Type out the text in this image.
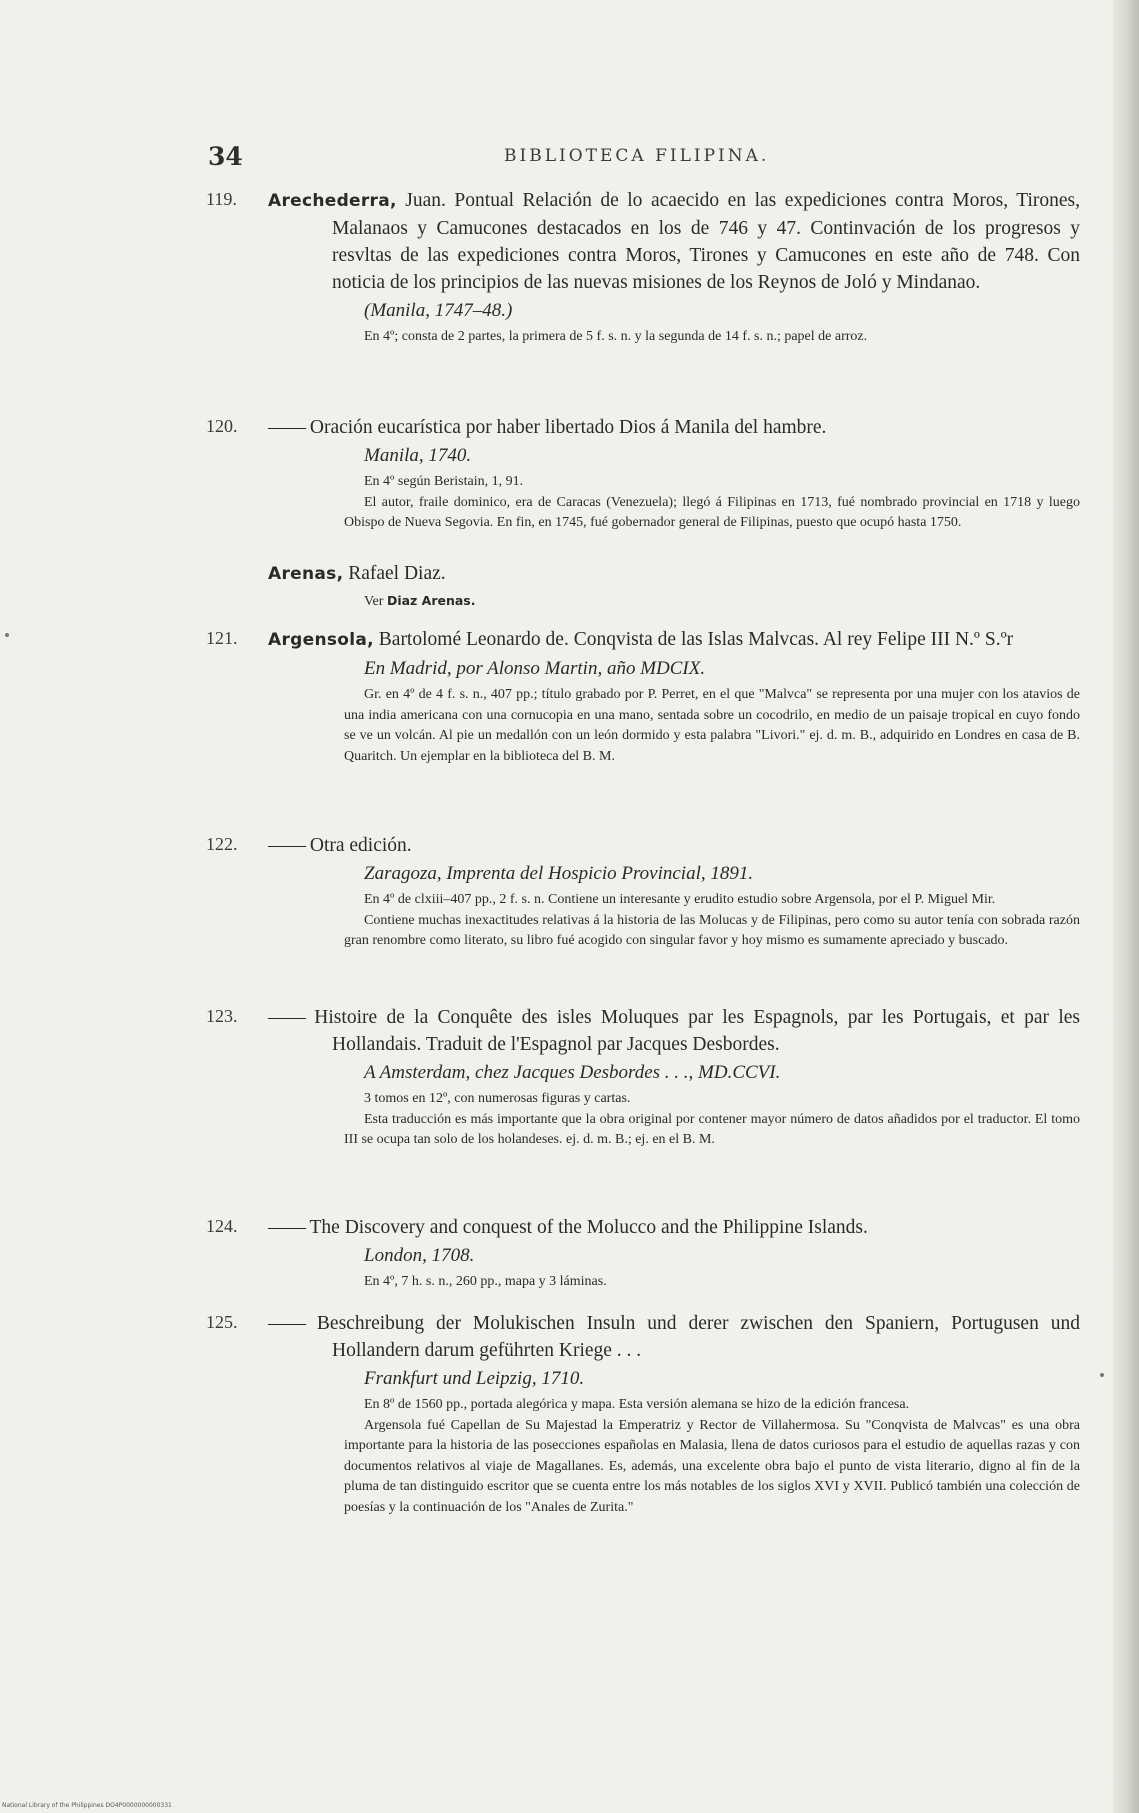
34	BIBLIOTECA FILIPINA.
119.	Arechederra, Juan. Pontual Relación de lo acaecido en las expediciones contra Moros, Tirones, Malanaos y Camucones destacados en los de 746 y 47. Continvación de los progresos y resvltas de las expediciones contra Moros, Tirones y Camucones en este año de 748. Con noticia de los principios de las nuevas misiones de los Reynos de Joló y Mindanao.

(Manila, 1747–48.)
En 4º; consta de 2 partes, la primera de 5 f. s. n. y la segunda de 14 f. s. n.; papel de arroz.
120.	—— Oración eucarística por haber libertado Dios á Manila del hambre.

Manila, 1740.
En 4º según Beristain, 1, 91.
El autor, fraile dominico, era de Caracas (Venezuela); llegó á Filipinas en 1713, fué nombrado provincial en 1718 y luego Obispo de Nueva Segovia. En fin, en 1745, fué gobernador general de Filipinas, puesto que ocupó hasta 1750.

Arenas, Rafael Diaz.

Ver Diaz Arenas.
121.	Argensola, Bartolomé Leonardo de. Conqvista de las Islas Malvcas. Al rey Felipe III N.º S.ºr

En Madrid, por Alonso Martin, año MDCIX.
Gr. en 4º de 4 f. s. n., 407 pp.; título grabado por P. Perret, en el que "Malvca" se representa por una mujer con los atavios de una india americana con una cornucopia en una mano, sentada sobre un cocodrilo, en medio de un paisaje tropical en cuyo fondo se ve un volcán. Al pie un medallón con un león dormido y esta palabra "Livori." ej. d. m. B., adquirido en Londres en casa de B. Quaritch. Un ejemplar en la biblioteca del B. M.
122.	—— Otra edición.

Zaragoza, Imprenta del Hospicio Provincial, 1891.
En 4º de clxiii–407 pp., 2 f. s. n. Contiene un interesante y erudito estudio sobre Argensola, por el P. Miguel Mir.
Contiene muchas inexactitudes relativas á la historia de las Molucas y de Filipinas, pero como su autor tenía con sobrada razón gran renombre como literato, su libro fué acogido con singular favor y hoy mismo es sumamente apreciado y buscado.
123.	—— Histoire de la Conquête des isles Moluques par les Espagnols, par les Portugais, et par les Hollandais. Traduit de l'Espagnol par Jacques Desbordes.

A Amsterdam, chez Jacques Desbordes . . ., MD.CCVI.
3 tomos en 12º, con numerosas figuras y cartas.
Esta traducción es más importante que la obra original por contener mayor número de datos añadidos por el traductor. El tomo III se ocupa tan solo de los holandeses. ej. d. m. B.; ej. en el B. M.
124.	—— The Discovery and conquest of the Molucco and the Philippine Islands.

London, 1708.
En 4º, 7 h. s. n., 260 pp., mapa y 3 láminas.
125.	—— Beschreibung der Molukischen Insuln und derer zwischen den Spaniern, Portugusen und Hollandern darum geführten Kriege . . .

Frankfurt und Leipzig, 1710.
En 8º de 1560 pp., portada alegórica y mapa. Esta versión alemana se hizo de la edición francesa.
Argensola fué Capellan de Su Majestad la Emperatriz y Rector de Villahermosa. Su "Conqvista de Malvcas" es una obra importante para la historia de las posecciones españolas en Malasia, llena de datos curiosos para el estudio de aquellas razas y con documentos relativos al viaje de Magallanes. Es, además, una excelente obra bajo el punto de vista literario, digno al fin de la pluma de tan distinguido escritor que se cuenta entre los más notables de los siglos XVI y XVII. Publicó también una colección de poesías y la continuación de los "Anales de Zurita."
National Library of the Philippines DO4P0000000000331
